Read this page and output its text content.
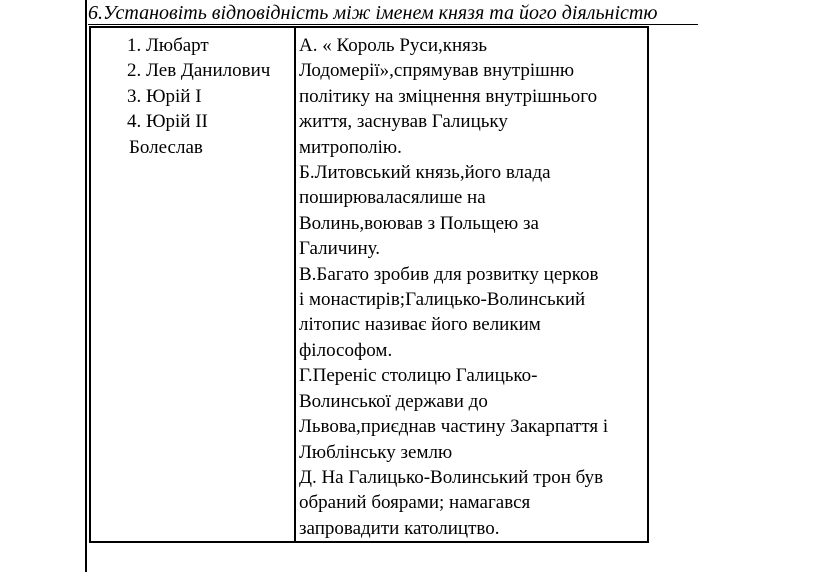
6.Установіть відповідність між іменем князя та його діяльністю
1. Любарт
2. Лев Данилович
3. Юрій І
4. Юрій ІІ
Болеслав

А. « Король Руси,князь
Лодомерії»,спрямував внутрішню
політику на зміцнення внутрішнього
життя, заснував Галицьку
митрополію.
Б.Литовський князь,його влада
поширюваласялише на
Волинь,воював з Польщею за
Галичину.
В.Багато зробив для розвитку церков
і монастирів;Галицько-Волинський
літопис називає його великим
філософом.
Г.Переніс столицю Галицько-
Волинської держави до
Львова,приєднав частину Закарпаття і
Люблінську землю
Д. На Галицько-Волинський трон був
обраний боярами; намагався
запровадити католицтво.
